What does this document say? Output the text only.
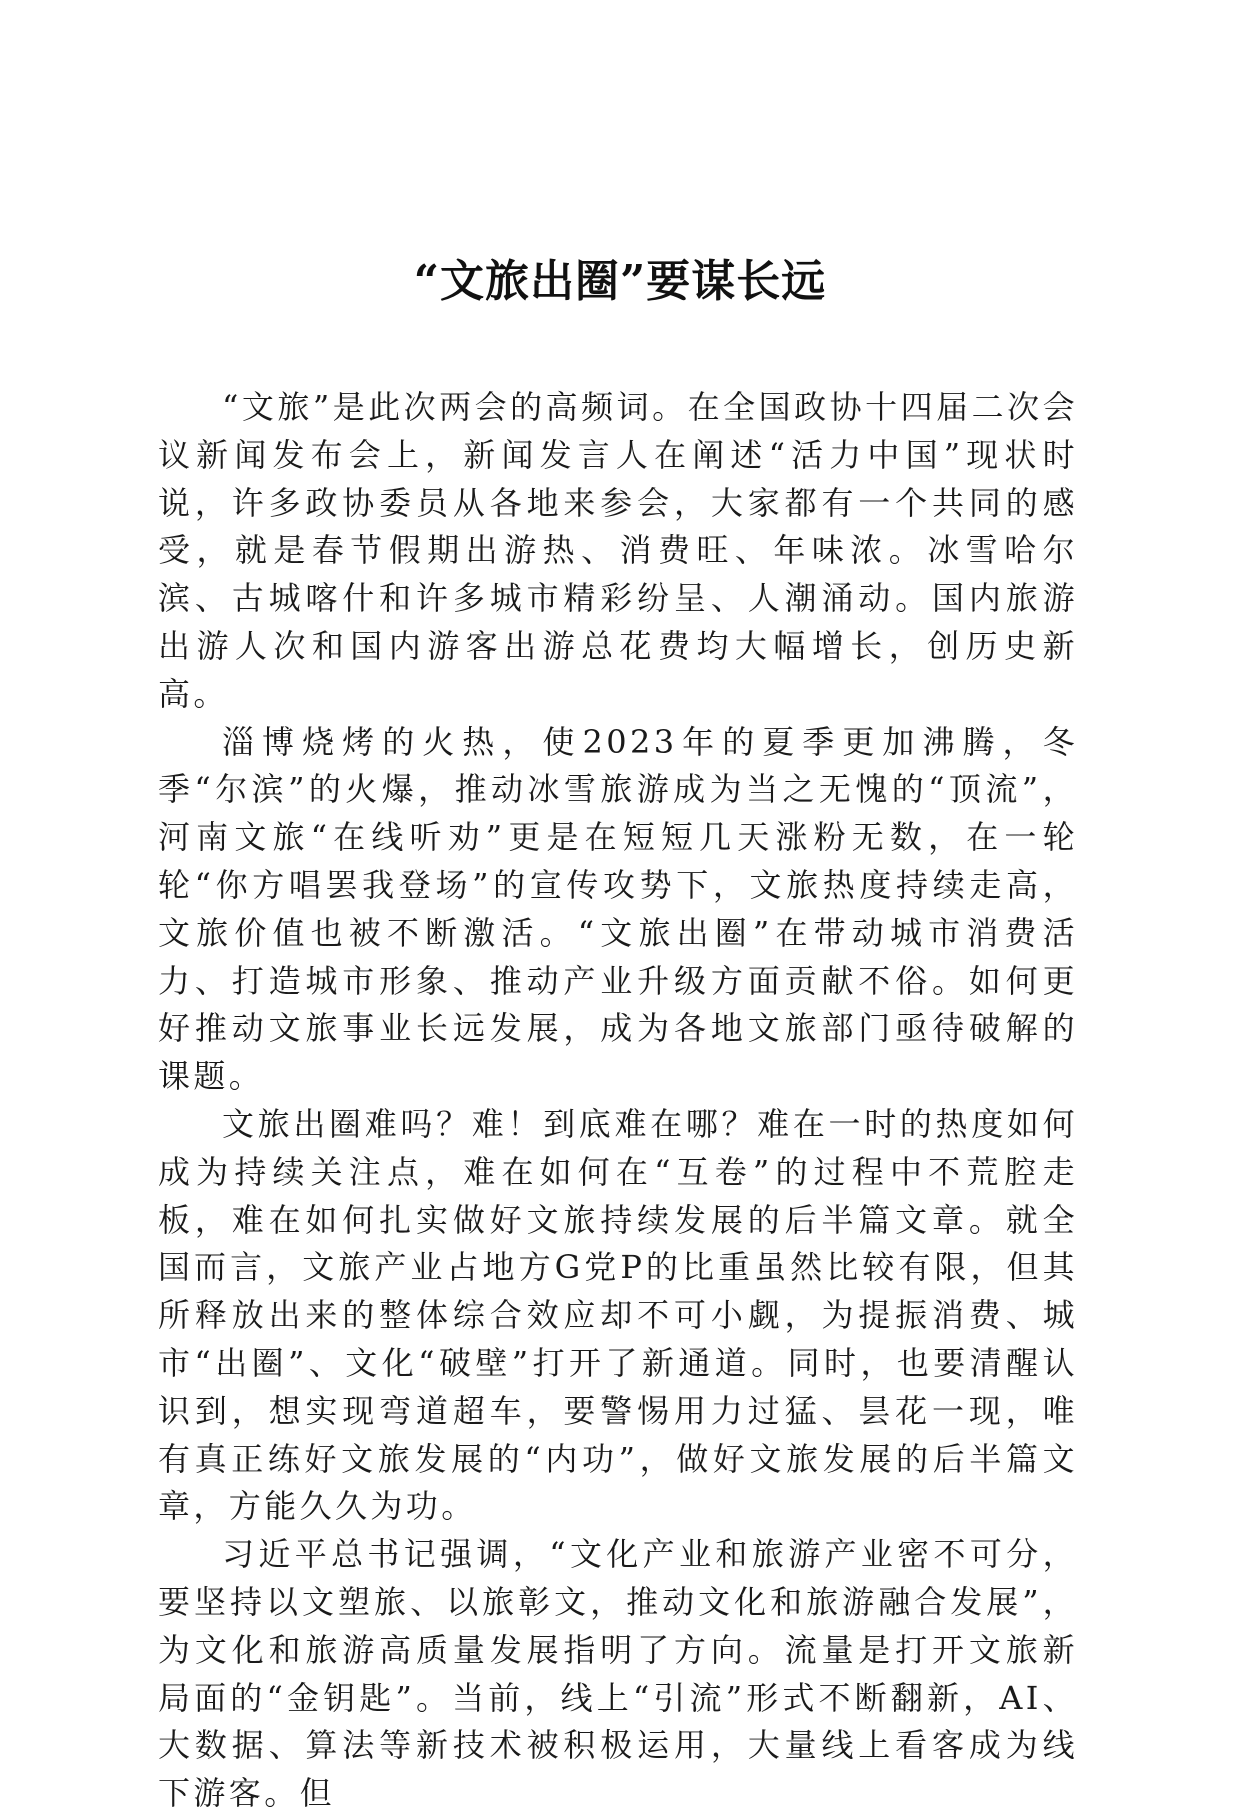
“文旅出圈”要谋长远

“文旅”是此次两会的高频词。在全国政协十四届二次会议新闻发布会上，新闻发言人在阐述“活力中国”现状时说，许多政协委员从各地来参会，大家都有一个共同的感受，就是春节假期出游热、消费旺、年味浓。冰雪哈尔滨、古城喀什和许多城市精彩纷呈、人潮涌动。国内旅游出游人次和国内游客出游总花费均大幅增长，创历史新高。

淄博烧烤的火热，使2023年的夏季更加沸腾，冬季“尔滨”的火爆，推动冰雪旅游成为当之无愧的“顶流”，河南文旅“在线听劝”更是在短短几天涨粉无数，在一轮轮“你方唱罢我登场”的宣传攻势下，文旅热度持续走高，文旅价值也被不断激活。“文旅出圈”在带动城市消费活力、打造城市形象、推动产业升级方面贡献不俗。如何更好推动文旅事业长远发展，成为各地文旅部门亟待破解的课题。

文旅出圈难吗？难！到底难在哪？难在一时的热度如何成为持续关注点，难在如何在“互卷”的过程中不荒腔走板，难在如何扎实做好文旅持续发展的后半篇文章。就全国而言，文旅产业占地方G党P的比重虽然比较有限，但其所释放出来的整体综合效应却不可小觑，为提振消费、城市“出圈”、文化“破壁”打开了新通道。同时，也要清醒认识到，想实现弯道超车，要警惕用力过猛、昙花一现，唯有真正练好文旅发展的“内功”，做好文旅发展的后半篇文章，方能久久为功。

习近平总书记强调，“文化产业和旅游产业密不可分，要坚持以文塑旅、以旅彰文，推动文化和旅游融合发展”，为文化和旅游高质量发展指明了方向。流量是打开文旅新局面的“金钥匙”。当前，线上“引流”形式不断翻新，AI、大数据、算法等新技术被积极运用，大量线上看客成为线下游客。但
